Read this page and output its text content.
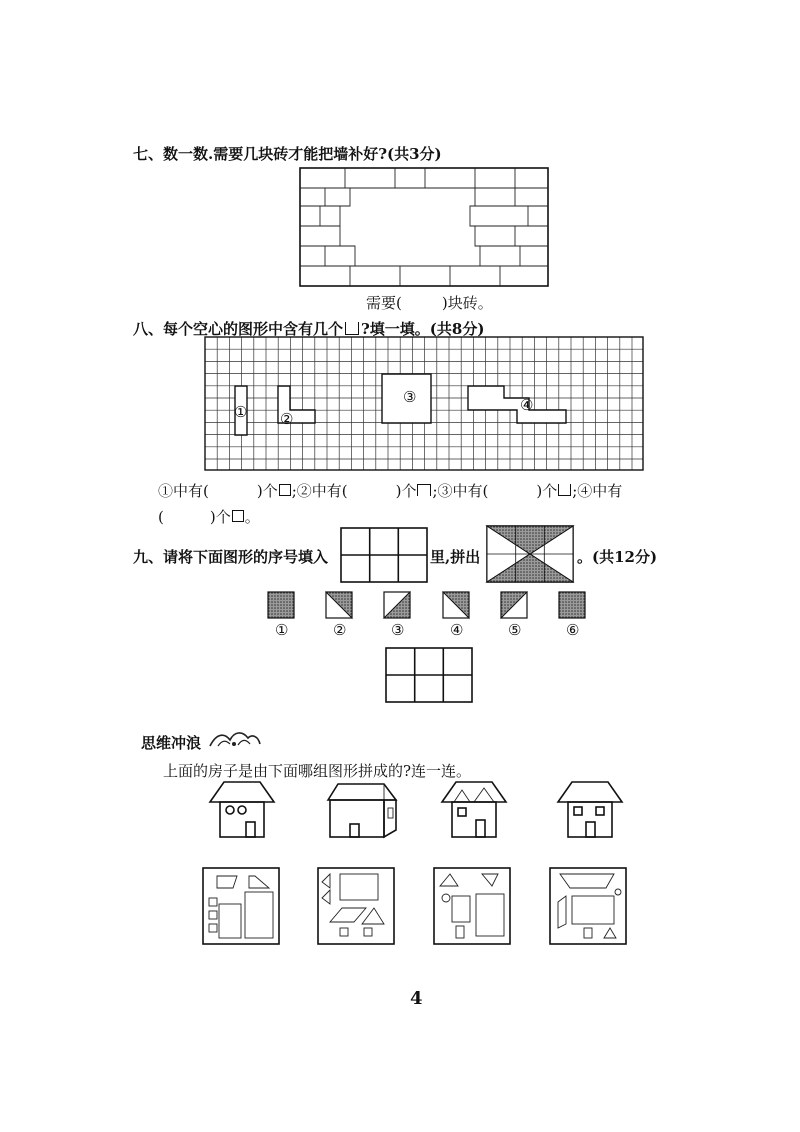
七、数一数.需要几块砖才能把墙补好?(共3分)
需要(	)块砖。
八、每个空心的图形中含有几个 ?填一填。(共8分)
① ②
③	④
①中有(	)个 ;②中有(	)个 ;③中有(	)个 ;④中有
(	)个 。
九、请将下面图形的序号填入	里,拼出	。(共12分)
①	②	③	④	⑤	⑥
思维冲浪
上面的房子是由下面哪组图形拼成的?连一连。
4
